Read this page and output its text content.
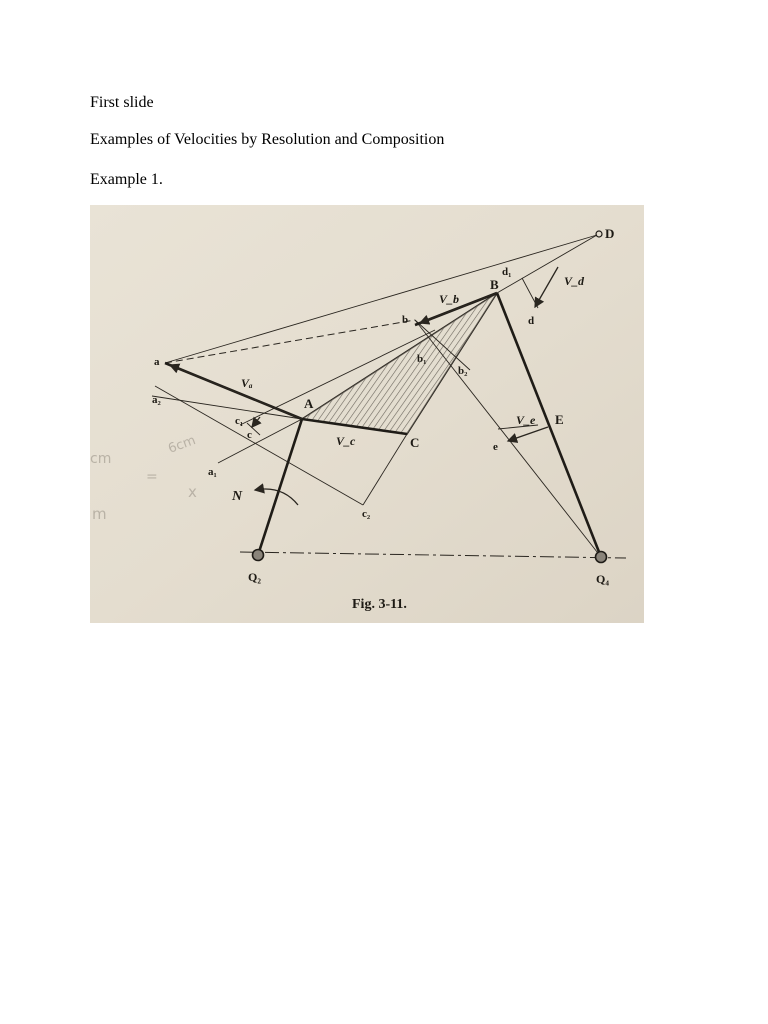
First slide
Examples of Velocities by Resolution and Composition
Example 1.
A
B
C
D
E
N
Q₂	Q₄
a
a₁
a₂
b
b₁
b₂
c
c₁
c₂
d
d₁
e
Vₐ
V_b
V_c
V_d
V_e
6cm
cm
=
x
m
Fig. 3-11.
